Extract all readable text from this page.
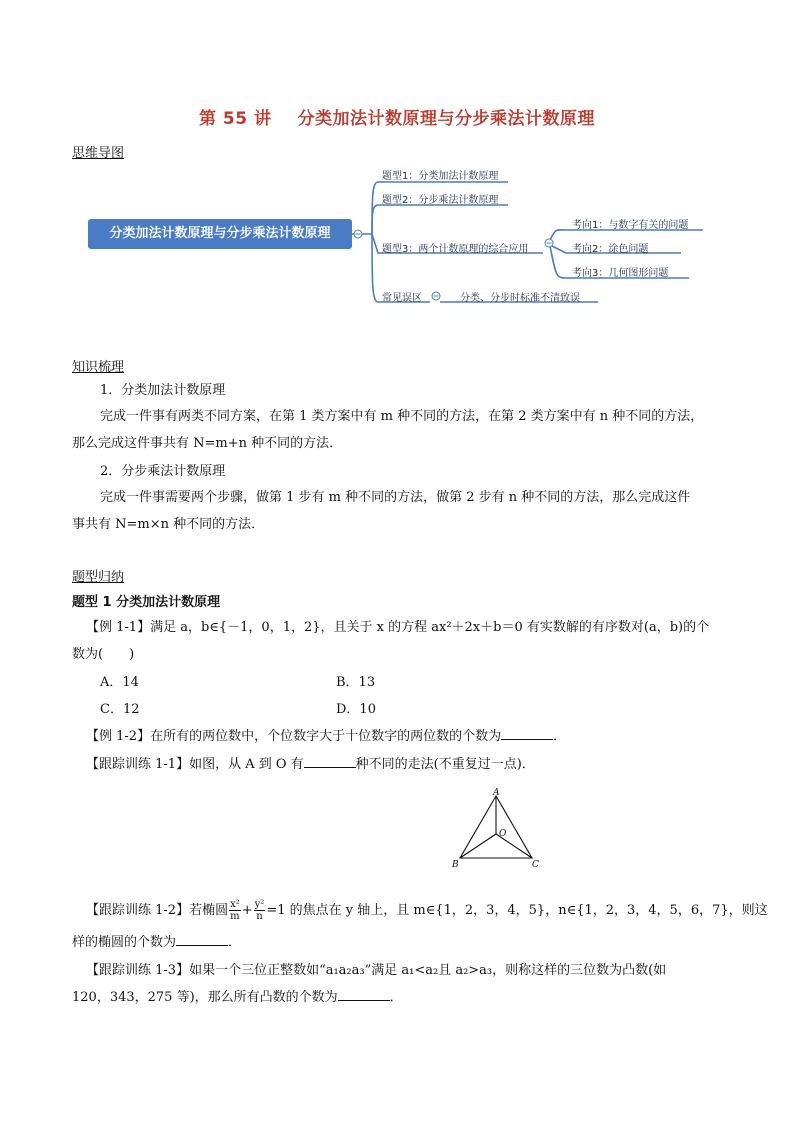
第 55 讲 分类加法计数原理与分步乘法计数原理
思维导图
分类加法计数原理与分步乘法计数原理
题型1：分类加法计数原理
题型2：分步乘法计数原理
题型3：两个计数原理的综合应用
常见误区	分类、分步时标准不清致误
考向1：与数字有关的问题
考向2：涂色问题
考向3：几何图形问题
知识梳理
1．分类加法计数原理
完成一件事有两类不同方案，在第 1 类方案中有 m 种不同的方法，在第 2 类方案中有 n 种不同的方法，
那么完成这件事共有 N=m+n 种不同的方法．
2．分步乘法计数原理
完成一件事需要两个步骤，做第 1 步有 m 种不同的方法，做第 2 步有 n 种不同的方法，那么完成这件
事共有 N=m×n 种不同的方法．
题型归纳
题型 1 分类加法计数原理
【例 1-1】满足 a，b∈{－1，0，1，2}，且关于 x 的方程 ax²＋2x＋b＝0 有实数解的有序数对(a，b)的个
数为(　　)
A．14	B．13
C．12	D．10
【例 1-2】在所有的两位数中，个位数字大于十位数字的两位数的个数为	．
【跟踪训练 1-1】如图，从 A 到 O 有	种不同的走法(不重复过一点)．
A
B	C
O
【跟踪训练 1-2】若椭圆 $\frac{\text{x²}}{m} + \frac{\text{y²}}{n} =1$ 的焦点在 y 轴上，且 m∈{1，2，3，4，5}，n∈{1，2，3，4，5，6，7}，则这
样的椭圆的个数为	．
【跟踪训练 1-3】如果一个三位正整数如“a₁a₂a₃”满足 a₁<a₂且 a₂>a₃，则称这样的三位数为凸数(如
120，343，275 等)，那么所有凸数的个数为	．
